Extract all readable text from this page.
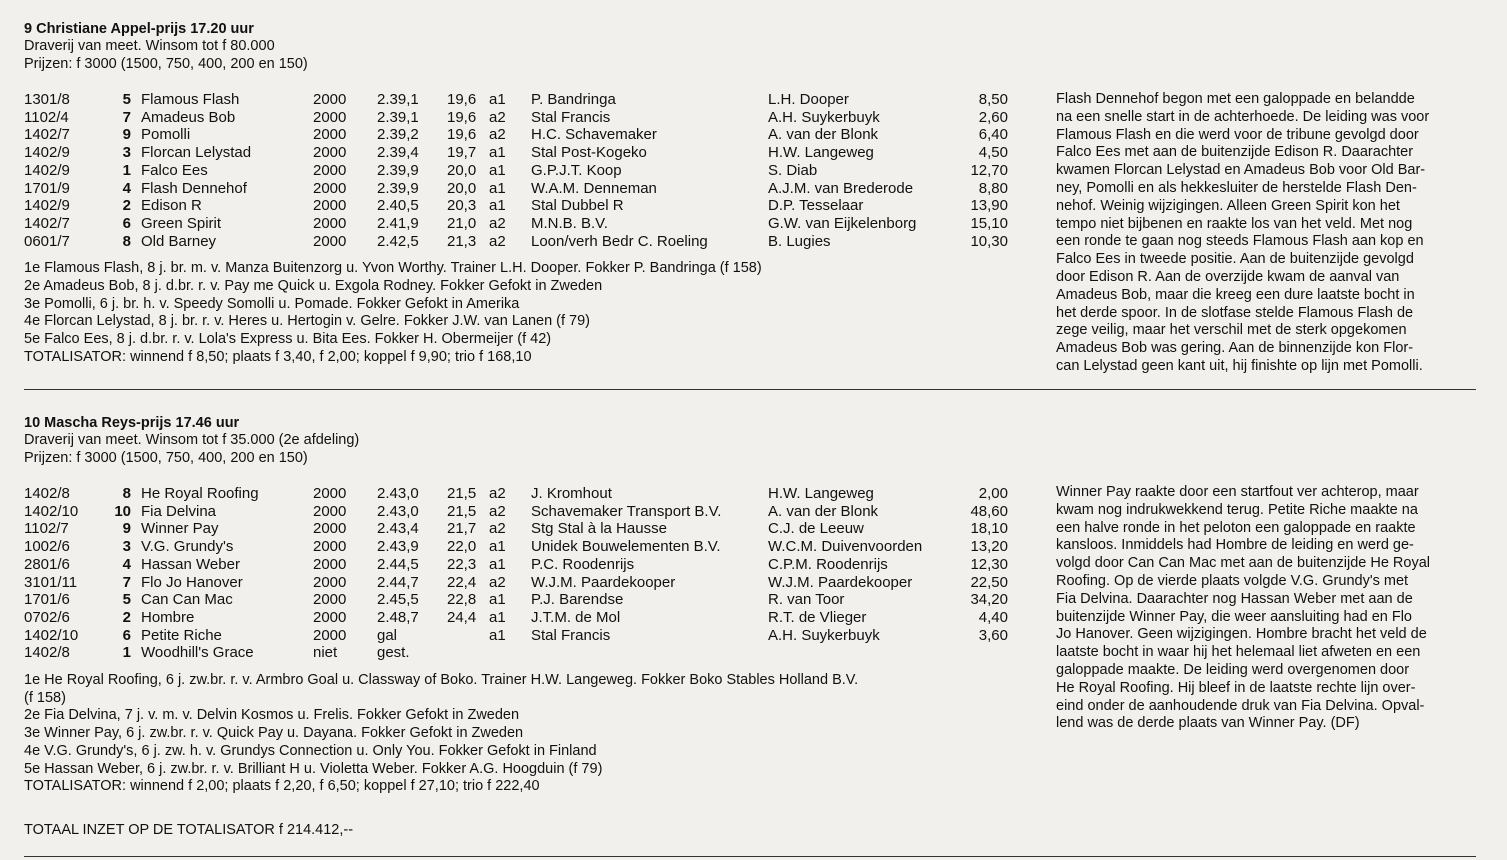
9 Christiane Appel-prijs 17.20 uur
Draverij van meet. Winsom tot f 80.000
Prijzen: f 3000 (1500, 750, 400, 200 en 150)
1301/8	5	Flamous Flash	2000	2.39,1	19,6	a1	P. Bandringa	L.H. Dooper	8,50
1102/4	7	Amadeus Bob	2000	2.39,1	19,6	a2	Stal Francis	A.H. Suykerbuyk	2,60
1402/7	9	Pomolli	2000	2.39,2	19,6	a2	H.C. Schavemaker	A. van der Blonk	6,40
1402/9	3	Florcan Lelystad	2000	2.39,4	19,7	a1	Stal Post-Kogeko	H.W. Langeweg	4,50
1402/9	1	Falco Ees	2000	2.39,9	20,0	a1	G.P.J.T. Koop	S. Diab	12,70
1701/9	4	Flash Dennehof	2000	2.39,9	20,0	a1	W.A.M. Denneman	A.J.M. van Brederode	8,80
1402/9	2	Edison R	2000	2.40,5	20,3	a1	Stal Dubbel R	D.P. Tesselaar	13,90
1402/7	6	Green Spirit	2000	2.41,9	21,0	a2	M.N.B. B.V.	G.W. van Eijkelenborg	15,10
0601/7	8	Old Barney	2000	2.42,5	21,3	a2	Loon/verh Bedr C. Roeling	B. Lugies	10,30
1e Flamous Flash, 8 j. br. m. v. Manza Buitenzorg u. Yvon Worthy. Trainer L.H. Dooper. Fokker P. Bandringa (f 158)
2e Amadeus Bob, 8 j. d.br. r. v. Pay me Quick u. Exgola Rodney. Fokker Gefokt in Zweden
3e Pomolli, 6 j. br. h. v. Speedy Somolli u. Pomade. Fokker Gefokt in Amerika
4e Florcan Lelystad, 8 j. br. r. v. Heres u. Hertogin v. Gelre. Fokker J.W. van Lanen (f 79)
5e Falco Ees, 8 j. d.br. r. v. Lola's Express u. Bita Ees. Fokker H. Obermeijer (f 42)
TOTALISATOR: winnend f 8,50; plaats f 3,40, f 2,00; koppel f 9,90; trio f 168,10
Flash Dennehof begon met een galoppade en belandde
na een snelle start in de achterhoede. De leiding was voor
Flamous Flash en die werd voor de tribune gevolgd door
Falco Ees met aan de buitenzijde Edison R. Daarachter
kwamen Florcan Lelystad en Amadeus Bob voor Old Bar-
ney, Pomolli en als hekkesluiter de herstelde Flash Den-
nehof. Weinig wijzigingen. Alleen Green Spirit kon het
tempo niet bijbenen en raakte los van het veld. Met nog
een ronde te gaan nog steeds Flamous Flash aan kop en
Falco Ees in tweede positie. Aan de buitenzijde gevolgd
door Edison R. Aan de overzijde kwam de aanval van
Amadeus Bob, maar die kreeg een dure laatste bocht in
het derde spoor. In de slotfase stelde Flamous Flash de
zege veilig, maar het verschil met de sterk opgekomen
Amadeus Bob was gering. Aan de binnenzijde kon Flor-
can Lelystad geen kant uit, hij finishte op lijn met Pomolli.
10 Mascha Reys-prijs 17.46 uur
Draverij van meet. Winsom tot f 35.000 (2e afdeling)
Prijzen: f 3000 (1500, 750, 400, 200 en 150)
1402/8	8	He Royal Roofing	2000	2.43,0	21,5	a2	J. Kromhout	H.W. Langeweg	2,00
1402/10	10	Fia Delvina	2000	2.43,0	21,5	a2	Schavemaker Transport B.V.	A. van der Blonk	48,60
1102/7	9	Winner Pay	2000	2.43,4	21,7	a2	Stg Stal à la Hausse	C.J. de Leeuw	18,10
1002/6	3	V.G. Grundy's	2000	2.43,9	22,0	a1	Unidek Bouwelementen B.V.	W.C.M. Duivenvoorden	13,20
2801/6	4	Hassan Weber	2000	2.44,5	22,3	a1	P.C. Roodenrijs	C.P.M. Roodenrijs	12,30
3101/11	7	Flo Jo Hanover	2000	2.44,7	22,4	a2	W.J.M. Paardekooper	W.J.M. Paardekooper	22,50
1701/6	5	Can Can Mac	2000	2.45,5	22,8	a1	P.J. Barendse	R. van Toor	34,20
0702/6	2	Hombre	2000	2.48,7	24,4	a1	J.T.M. de Mol	R.T. de Vlieger	4,40
1402/10	6	Petite Riche	2000	gal		a1	Stal Francis	A.H. Suykerbuyk	3,60
1402/8	1	Woodhill's Grace	niet	gest.					
1e He Royal Roofing, 6 j. zw.br. r. v. Armbro Goal u. Classway of Boko. Trainer H.W. Langeweg. Fokker Boko Stables Holland B.V.
(f 158)
2e Fia Delvina, 7 j. v. m. v. Delvin Kosmos u. Frelis. Fokker Gefokt in Zweden
3e Winner Pay, 6 j. zw.br. r. v. Quick Pay u. Dayana. Fokker Gefokt in Zweden
4e V.G. Grundy's, 6 j. zw. h. v. Grundys Connection u. Only You. Fokker Gefokt in Finland
5e Hassan Weber, 6 j. zw.br. r. v. Brilliant H u. Violetta Weber. Fokker A.G. Hoogduin (f 79)
TOTALISATOR: winnend f 2,00; plaats f 2,20, f 6,50; koppel f 27,10; trio f 222,40
Winner Pay raakte door een startfout ver achterop, maar
kwam nog indrukwekkend terug. Petite Riche maakte na
een halve ronde in het peloton een galoppade en raakte
kansloos. Inmiddels had Hombre de leiding en werd ge-
volgd door Can Can Mac met aan de buitenzijde He Royal
Roofing. Op de vierde plaats volgde V.G. Grundy's met
Fia Delvina. Daarachter nog Hassan Weber met aan de
buitenzijde Winner Pay, die weer aansluiting had en Flo
Jo Hanover. Geen wijzigingen. Hombre bracht het veld de
laatste bocht in waar hij het helemaal liet afweten en een
galoppade maakte. De leiding werd overgenomen door
He Royal Roofing. Hij bleef in de laatste rechte lijn over-
eind onder de aanhoudende druk van Fia Delvina. Opval-
lend was de derde plaats van Winner Pay. (DF)
TOTAAL INZET OP DE TOTALISATOR f 214.412,--
